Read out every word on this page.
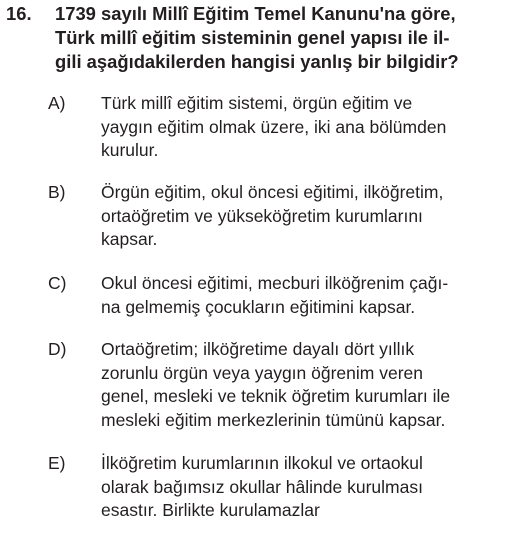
16. 1739 sayılı Millî Eğitim Temel Kanunu'na göre,
Türk millî eğitim sisteminin genel yapısı ile il-
gili aşağıdakilerden hangisi yanlış bir bilgidir?

A)	Türk millî eğitim sistemi, örgün eğitim ve
yaygın eğitim olmak üzere, iki ana bölümden
kurulur.

B)	Örgün eğitim, okul öncesi eğitimi, ilköğretim,
ortaöğretim ve yükseköğretim kurumlarını
kapsar.

C)	Okul öncesi eğitimi, mecburi ilköğrenim çağı-
na gelmemiş çocukların eğitimini kapsar.

D)	Ortaöğretim; ilköğretime dayalı dört yıllık
zorunlu örgün veya yaygın öğrenim veren
genel, mesleki ve teknik öğretim kurumları ile
mesleki eğitim merkezlerinin tümünü kapsar.

E)	İlköğretim kurumlarının ilkokul ve ortaokul
olarak bağımsız okullar hâlinde kurulması
esastır. Birlikte kurulamazlar
